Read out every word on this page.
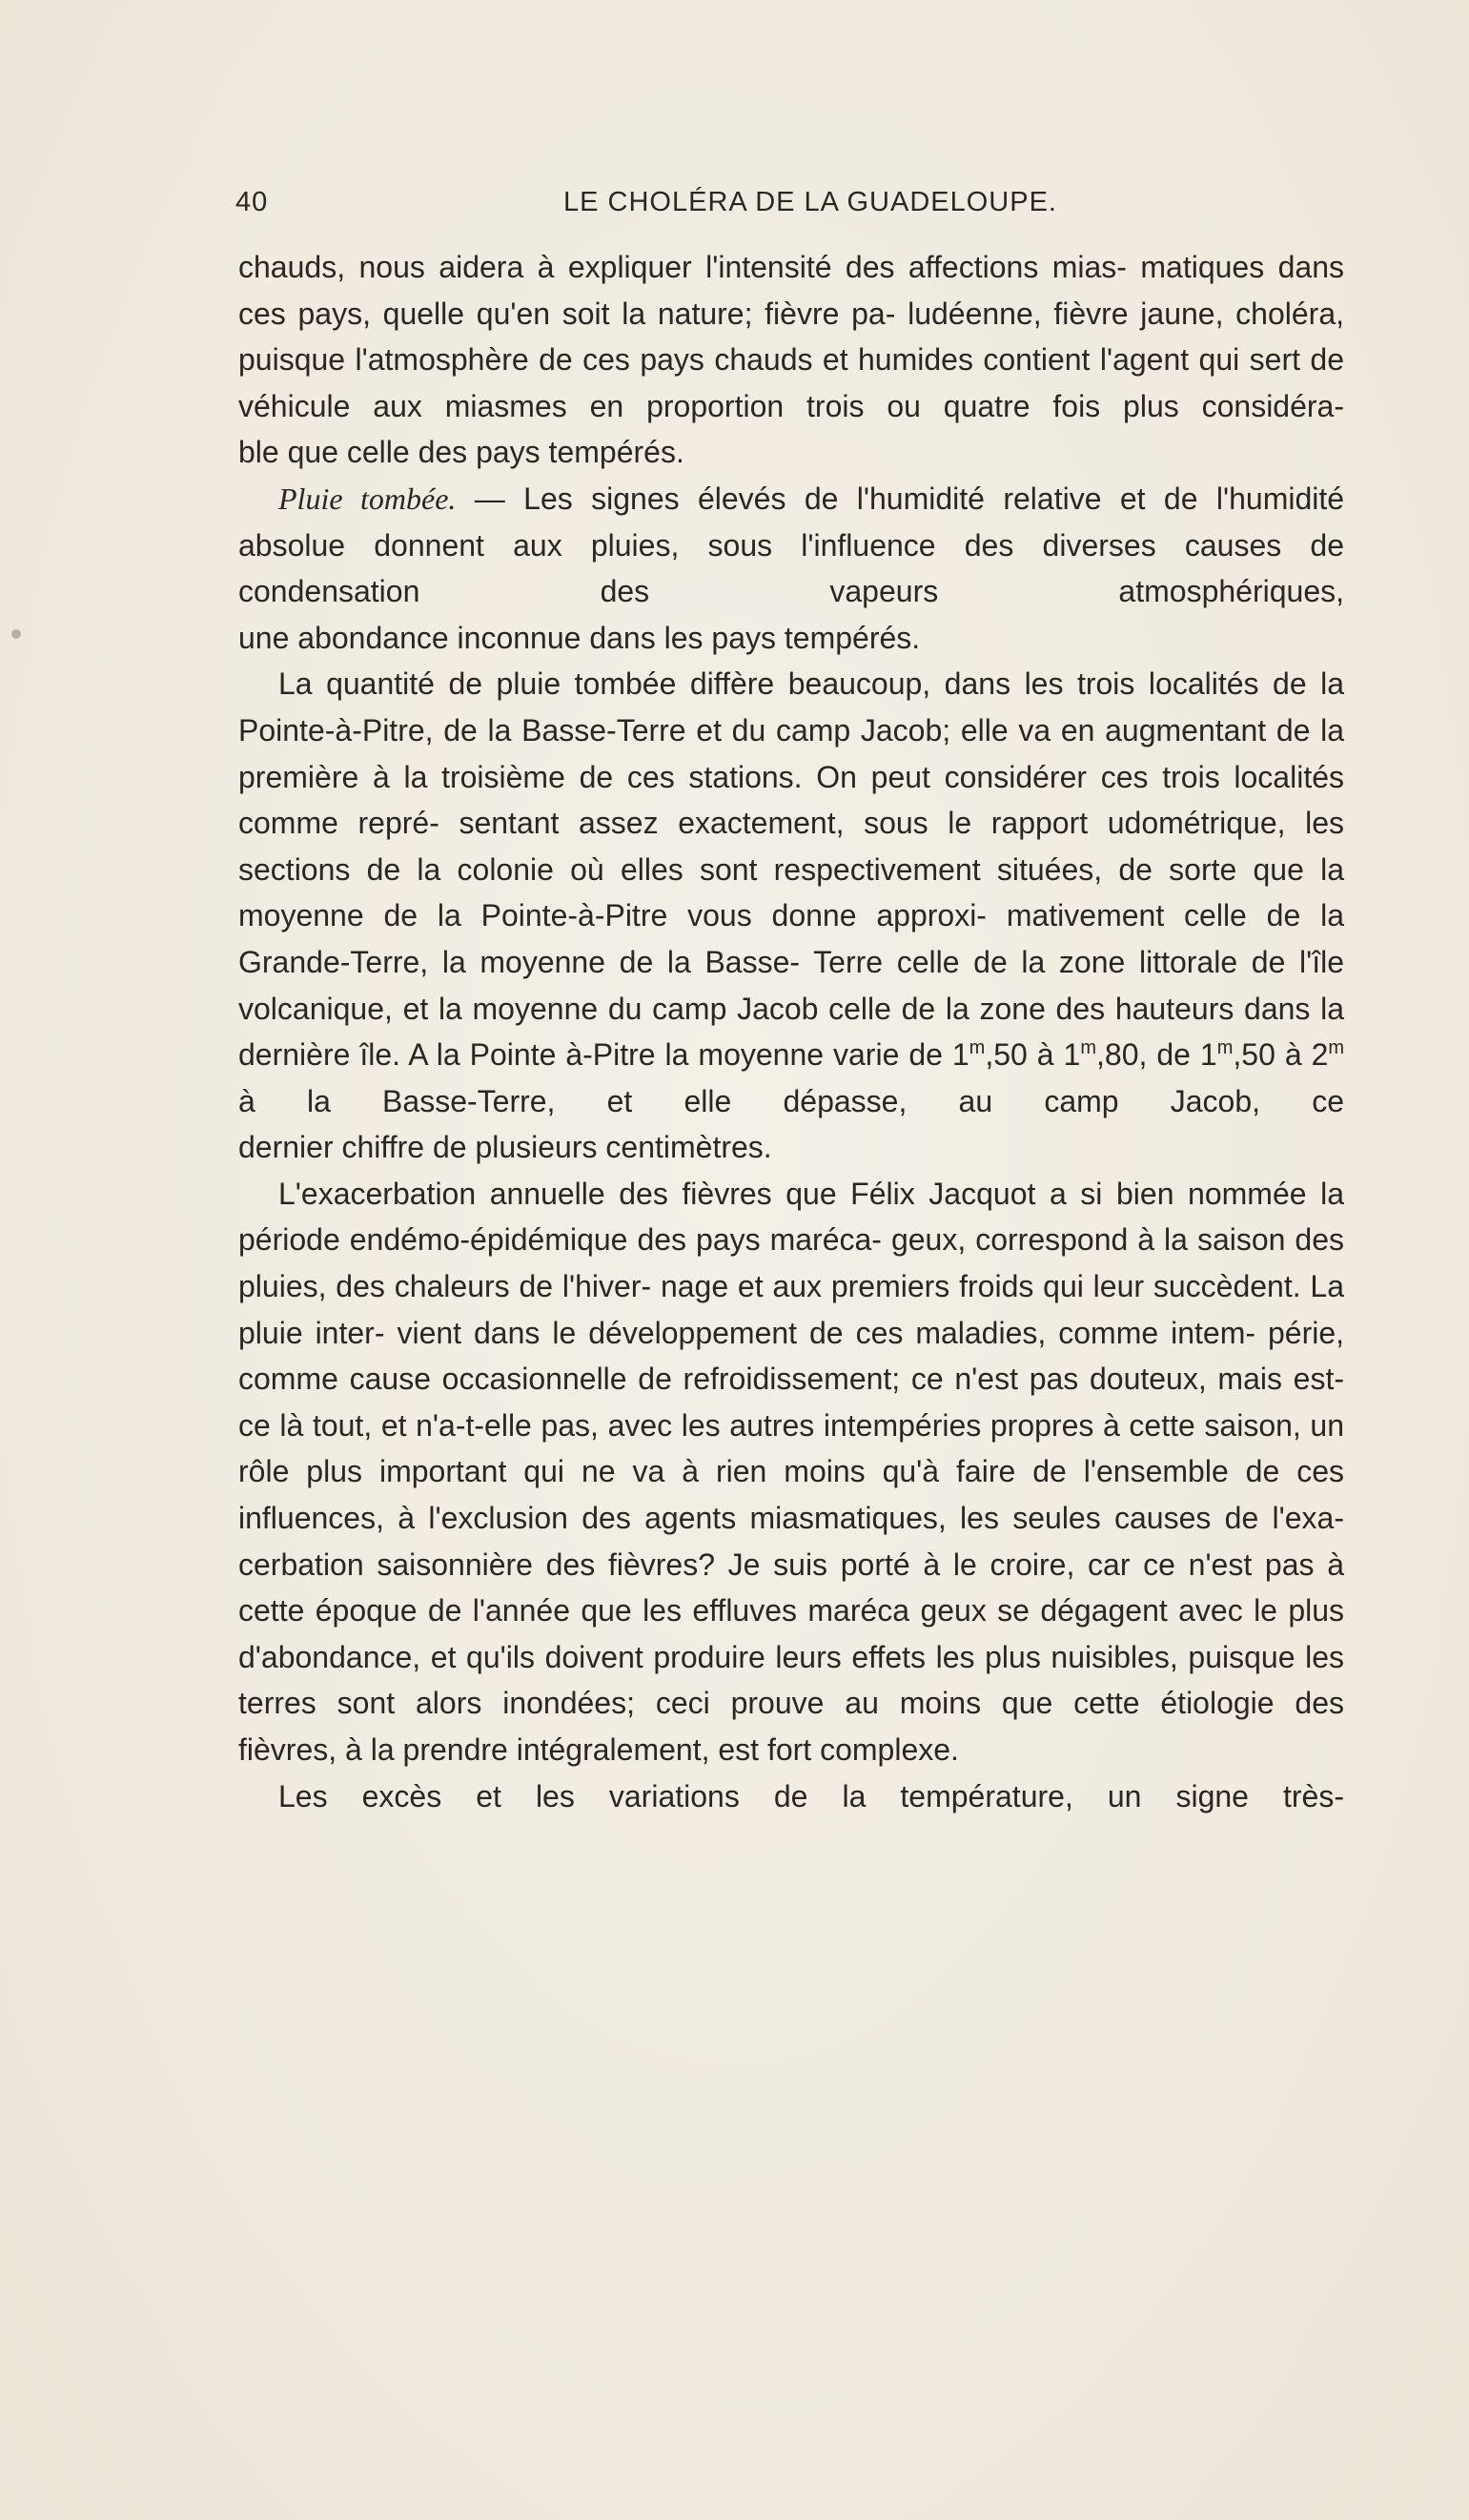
40	LE CHOLÉRA DE LA GUADELOUPE.

chauds, nous aidera à expliquer l'intensité des affections mias- matiques dans ces pays, quelle qu'en soit la nature; fièvre pa- ludéenne, fièvre jaune, choléra, puisque l'atmosphère de ces pays chauds et humides contient l'agent qui sert de véhicule aux miasmes en proportion trois ou quatre fois plus considéra-

ble que celle des pays tempérés.

Pluie tombée. — Les signes élevés de l'humidité relative et de l'humidité absolue donnent aux pluies, sous l'influence des diverses causes de condensation des vapeurs atmosphériques,

une abondance inconnue dans les pays tempérés.

La quantité de pluie tombée diffère beaucoup, dans les trois localités de la Pointe-à-Pitre, de la Basse-Terre et du camp Jacob; elle va en augmentant de la première à la troisième de ces stations. On peut considérer ces trois localités comme repré- sentant assez exactement, sous le rapport udométrique, les sections de la colonie où elles sont respectivement situées, de sorte que la moyenne de la Pointe-à-Pitre vous donne approxi- mativement celle de la Grande-Terre, la moyenne de la Basse- Terre celle de la zone littorale de l'île volcanique, et la moyenne du camp Jacob celle de la zone des hauteurs dans la dernière île. A la Pointe à-Pitre la moyenne varie de 1$^m$,50 à 1$^m$,80, de 1$^m$,50 à 2$^m$ à la Basse-Terre, et elle dépasse, au camp Jacob, ce

dernier chiffre de plusieurs centimètres.

L'exacerbation annuelle des fièvres que Félix Jacquot a si bien nommée la période endémo-épidémique des pays maréca- geux, correspond à la saison des pluies, des chaleurs de l'hiver- nage et aux premiers froids qui leur succèdent. La pluie inter- vient dans le développement de ces maladies, comme intem- périe, comme cause occasionnelle de refroidissement; ce n'est pas douteux, mais est-ce là tout, et n'a-t-elle pas, avec les autres intempéries propres à cette saison, un rôle plus important qui ne va à rien moins qu'à faire de l'ensemble de ces influences, à l'exclusion des agents miasmatiques, les seules causes de l'exa- cerbation saisonnière des fièvres? Je suis porté à le croire, car ce n'est pas à cette époque de l'année que les effluves maréca geux se dégagent avec le plus d'abondance, et qu'ils doivent produire leurs effets les plus nuisibles, puisque les terres sont alors inondées; ceci prouve au moins que cette étiologie des

fièvres, à la prendre intégralement, est fort complexe.

Les excès et les variations de la température, un signe très-
